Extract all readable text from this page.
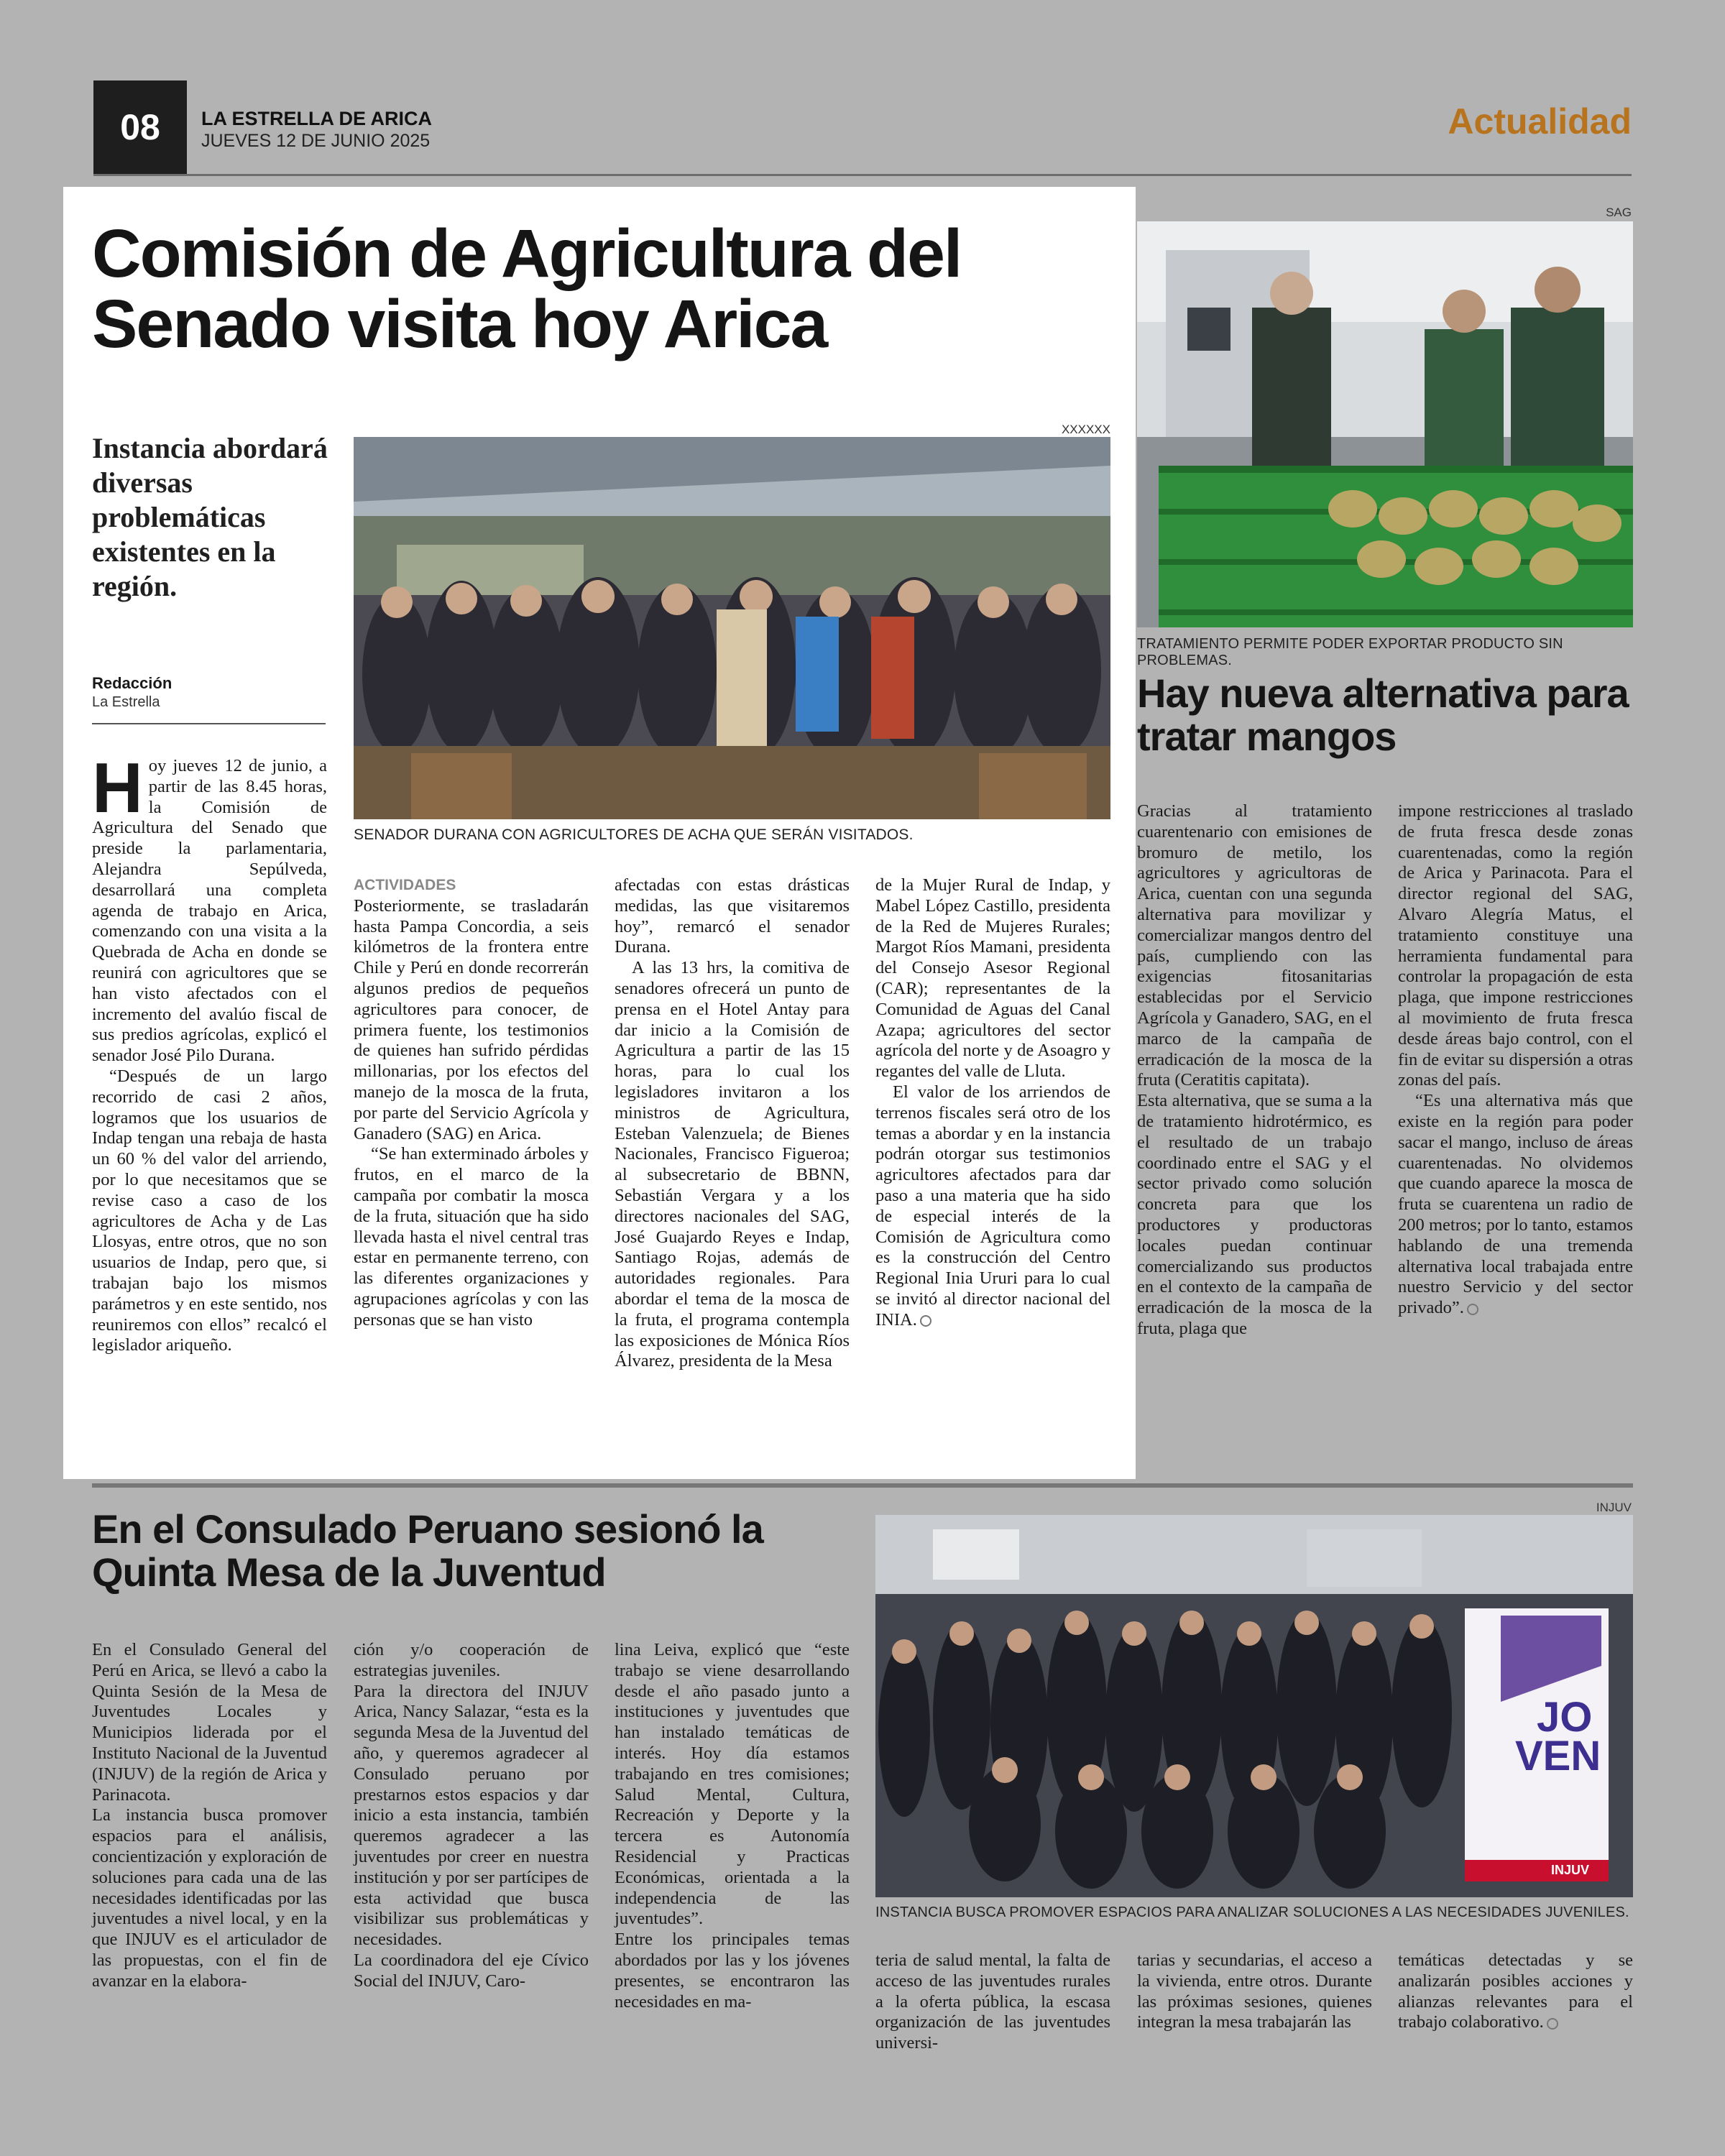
08	LA ESTRELLA DE ARICA
JUEVES 12 DE JUNIO 2025	Actualidad
Comisión de Agricultura del Senado visita hoy Arica
Instancia abordará diversas problemáticas existentes en la región.
Redacción
La Estrella
XXXXXX
SENADOR DURANA CON AGRICULTORES DE ACHA QUE SERÁN VISITADOS.
H oy jueves 12 de junio, a partir de las 8.45 horas, la Comisión de Agricultura del Senado que preside la parlamentaria, Alejandra Sepúlveda, desarrollará una completa agenda de trabajo en Arica, comenzando con una visita a la Quebrada de Acha en donde se reunirá con agricultores que se han visto afectados con el incremento del avalúo fiscal de sus predios agrícolas, explicó el senador José Pilo Durana.

“Después de un largo recorrido de casi 2 años, logramos que los usuarios de Indap tengan una rebaja de hasta un 60 % del valor del arriendo, por lo que necesitamos que se revise caso a caso de los agricultores de Acha y de Las Llosyas, entre otros, que no son usuarios de Indap, pero que, si trabajan bajo los mismos parámetros y en este sentido, nos reuniremos con ellos” recalcó el legislador ariqueño.

ACTIVIDADES

Posteriormente, se trasladarán hasta Pampa Concordia, a seis kilómetros de la frontera entre Chile y Perú en donde recorrerán algunos predios de pequeños agricultores para conocer, de primera fuente, los testimonios de quienes han sufrido pérdidas millonarias, por los efectos del manejo de la mosca de la fruta, por parte del Servicio Agrícola y Ganadero (SAG) en Arica.

“Se han exterminado árboles y frutos, en el marco de la campaña por combatir la mosca de la fruta, situación que ha sido llevada hasta el nivel central tras estar en permanente terreno, con las diferentes organizaciones y agrupaciones agrícolas y con las personas que se han visto

afectadas con estas drásticas medidas, las que visitaremos hoy”, remarcó el senador Durana.

A las 13 hrs, la comitiva de senadores ofrecerá un punto de prensa en el Hotel Antay para dar inicio a la Comisión de Agricultura a partir de las 15 horas, para lo cual los legisladores invitaron a los ministros de Agricultura, Esteban Valenzuela; de Bienes Nacionales, Francisco Figueroa; al subsecretario de BBNN, Sebastián Vergara y a los directores nacionales del SAG, José Guajardo Reyes e Indap, Santiago Rojas, además de autoridades regionales. Para abordar el tema de la mosca de la fruta, el programa contempla las exposiciones de Mónica Ríos Álvarez, presidenta de la Mesa

de la Mujer Rural de Indap, y Mabel López Castillo, presidenta de la Red de Mujeres Rurales; Margot Ríos Mamani, presidenta del Consejo Asesor Regional (CAR); representantes de la Comunidad de Aguas del Canal Azapa; agricultores del sector agrícola del norte y de Asoagro y regantes del valle de Lluta.

El valor de los arriendos de terrenos fiscales será otro de los temas a abordar y en la instancia podrán otorgar sus testimonios agricultores afectados para dar paso a una materia que ha sido de especial interés de la Comisión de Agricultura como es la construcción del Centro Regional Inia Ururi para lo cual se invitó al director nacional del INIA.

SAG
TRATAMIENTO PERMITE PODER EXPORTAR PRODUCTO SIN PROBLEMAS.
Hay nueva alternativa para tratar mangos

Gracias al tratamiento cuarentenario con emisiones de bromuro de metilo, los agricultores y agricultoras de Arica, cuentan con una segunda alternativa para movilizar y comercializar mangos dentro del país, cumpliendo con las exigencias fitosanitarias establecidas por el Servicio Agrícola y Ganadero, SAG, en el marco de la campaña de erradicación de la mosca de la fruta (Ceratitis capitata).

Esta alternativa, que se suma a la de tratamiento hidrotérmico, es el resultado de un trabajo coordinado entre el SAG y el sector privado como solución concreta para que los productores y productoras locales puedan continuar comercializando sus productos en el contexto de la campaña de erradicación de la mosca de la fruta, plaga que

impone restricciones al traslado de fruta fresca desde zonas cuarentenadas, como la región de Arica y Parinacota. Para el director regional del SAG, Alvaro Alegría Matus, el tratamiento constituye una herramienta fundamental para controlar la propagación de esta plaga, que impone restricciones al movimiento de fruta fresca desde áreas bajo control, con el fin de evitar su dispersión a otras zonas del país.

“Es una alternativa más que existe en la región para poder sacar el mango, incluso de áreas cuarentenadas. No olvidemos que cuando aparece la mosca de fruta se cuarentena un radio de 200 metros; por lo tanto, estamos hablando de una tremenda alternativa local trabajada entre nuestro Servicio y del sector privado”.

En el Consulado Peruano sesionó la Quinta Mesa de la Juventud
INJUV
JO
VEN
INJUV
INSTANCIA BUSCA PROMOVER ESPACIOS PARA ANALIZAR SOLUCIONES A LAS NECESIDADES JUVENILES.

En el Consulado General del Perú en Arica, se llevó a cabo la Quinta Sesión de la Mesa de Juventudes Locales y Municipios liderada por el Instituto Nacional de la Juventud (INJUV) de la región de Arica y Parinacota.

La instancia busca promover espacios para el análisis, concientización y exploración de soluciones para cada una de las necesidades identificadas por las juventudes a nivel local, y en la que INJUV es el articulador de las propuestas, con el fin de avanzar en la elabora-

ción y/o cooperación de estrategias juveniles.

Para la directora del INJUV Arica, Nancy Salazar, “esta es la segunda Mesa de la Juventud del año, y queremos agradecer al Consulado peruano por prestarnos estos espacios y dar inicio a esta instancia, también queremos agradecer a las juventudes por creer en nuestra institución y por ser partícipes de esta actividad que busca visibilizar sus problemáticas y necesidades.

La coordinadora del eje Cívico Social del INJUV, Caro-

lina Leiva, explicó que “este trabajo se viene desarrollando desde el año pasado junto a instituciones y juventudes que han instalado temáticas de interés. Hoy día estamos trabajando en tres comisiones; Salud Mental, Cultura, Recreación y Deporte y la tercera es Autonomía Residencial y Practicas Económicas, orientada a la independencia de las juventudes”.

Entre los principales temas abordados por las y los jóvenes presentes, se encontraron las necesidades en ma-

teria de salud mental, la falta de acceso de las juventudes rurales a la oferta pública, la escasa organización de las juventudes universi-

tarias y secundarias, el acceso a la vivienda, entre otros. Durante las próximas sesiones, quienes integran la mesa trabajarán las

temáticas detectadas y se analizarán posibles acciones y alianzas relevantes para el trabajo colaborativo.
